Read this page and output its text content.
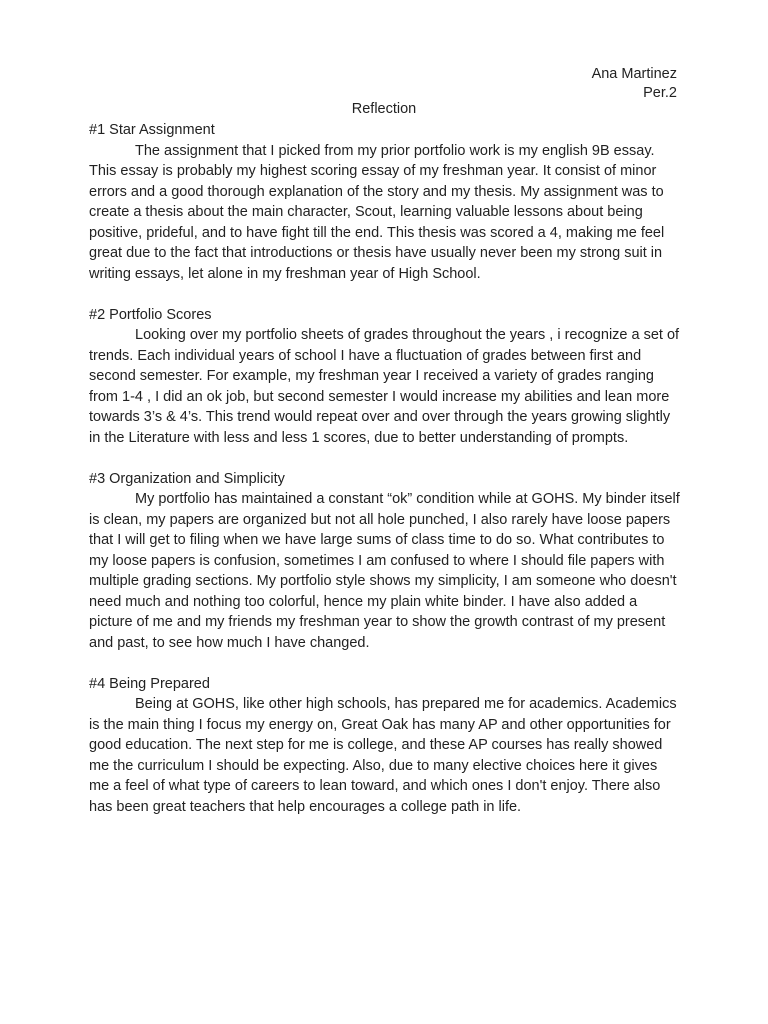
Ana Martinez
Per.2
Reflection

#1 Star Assignment

The assignment that I picked from my prior portfolio work is my english 9B essay. This essay is probably my highest scoring essay of my freshman year. It consist of minor errors and a good thorough explanation of the story and my thesis. My assignment was to create a thesis about the main character, Scout, learning valuable lessons about being positive, prideful, and to have fight till the end. This thesis was scored a 4, making me feel great due to the fact that introductions or thesis have usually never been my strong suit in writing essays, let alone in my freshman year of High School.

#2 Portfolio Scores

Looking over my portfolio sheets of grades throughout the years , i recognize a set of trends. Each individual years of school I have a fluctuation of grades between first and second semester. For example, my freshman year I received a variety of grades ranging from 1-4 , I did an ok job, but second semester I would increase my abilities and lean more towards 3’s & 4’s. This trend would repeat over and over through the years growing slightly in the Literature with less and less 1 scores, due to better understanding of prompts.

#3 Organization and Simplicity

My portfolio has maintained a constant “ok” condition while at GOHS. My binder itself is clean, my papers are organized but not all hole punched, I also rarely have loose papers that I will get to filing when we have large sums of class time to do so. What contributes to my loose papers is confusion, sometimes I am confused to where I should file papers with multiple grading sections. My portfolio style shows my simplicity, I am someone who doesn't need much and nothing too colorful, hence my plain white binder. I have also added a picture of me and my friends my freshman year to show the growth contrast of my present and past, to see how much I have changed.

#4 Being Prepared

Being at GOHS, like other high schools, has prepared me for academics. Academics is the main thing I focus my energy on, Great Oak has many AP and other opportunities for good education. The next step for me is college, and these AP courses has really showed me the curriculum I should be expecting. Also, due to many elective choices here it gives me a feel of what type of careers to lean toward, and which ones I don't enjoy. There also has been great teachers that help encourages a college path in life.
